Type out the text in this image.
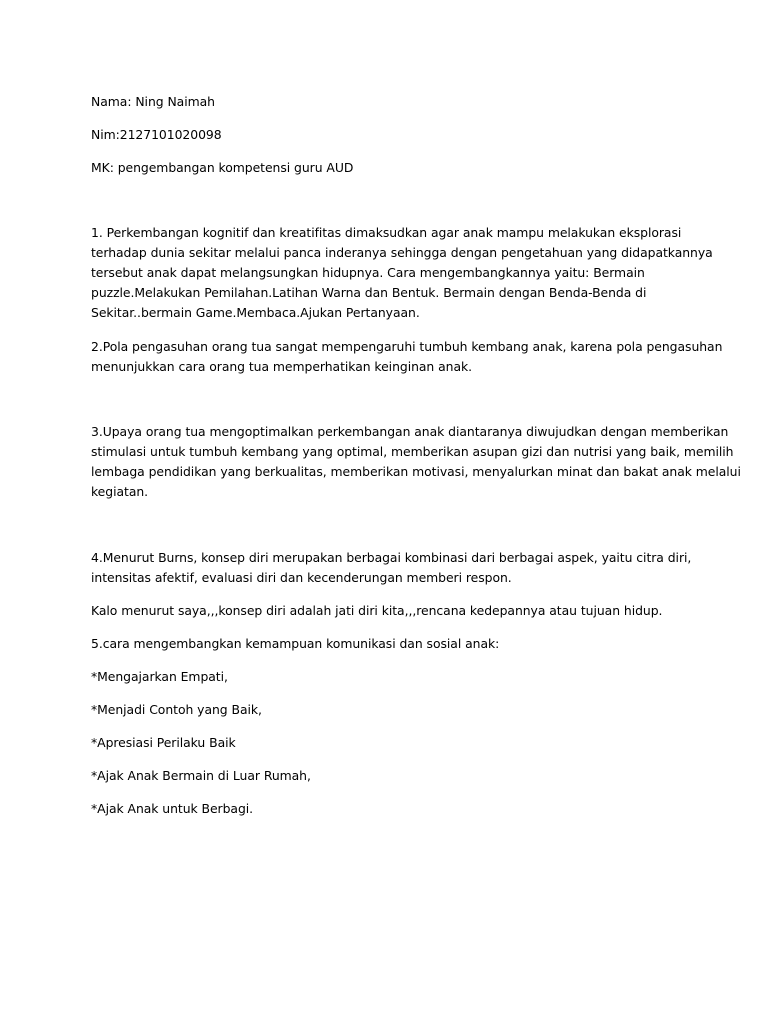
Nama: Ning Naimah
Nim:2127101020098
MK: pengembangan kompetensi guru AUD
1. Perkembangan kognitif dan kreatifitas dimaksudkan agar anak mampu melakukan eksplorasi
terhadap dunia sekitar melalui panca inderanya sehingga dengan pengetahuan yang didapatkannya
tersebut anak dapat melangsungkan hidupnya. Cara mengembangkannya yaitu: Bermain
puzzle.Melakukan Pemilahan.Latihan Warna dan Bentuk. Bermain dengan Benda-Benda di
Sekitar..bermain Game.Membaca.Ajukan Pertanyaan.
2.Pola pengasuhan orang tua sangat mempengaruhi tumbuh kembang anak, karena pola pengasuhan
menunjukkan cara orang tua memperhatikan keinginan anak.
3.Upaya orang tua mengoptimalkan perkembangan anak diantaranya diwujudkan dengan memberikan
stimulasi untuk tumbuh kembang yang optimal, memberikan asupan gizi dan nutrisi yang baik, memilih
lembaga pendidikan yang berkualitas, memberikan motivasi, menyalurkan minat dan bakat anak melalui
kegiatan.
4.Menurut Burns, konsep diri merupakan berbagai kombinasi dari berbagai aspek, yaitu citra diri,
intensitas afektif, evaluasi diri dan kecenderungan memberi respon.
Kalo menurut saya,,,konsep diri adalah jati diri kita,,,rencana kedepannya atau tujuan hidup.
5.cara mengembangkan kemampuan komunikasi dan sosial anak:
*Mengajarkan Empati,
*Menjadi Contoh yang Baik,
*Apresiasi Perilaku Baik
*Ajak Anak Bermain di Luar Rumah,
*Ajak Anak untuk Berbagi.
